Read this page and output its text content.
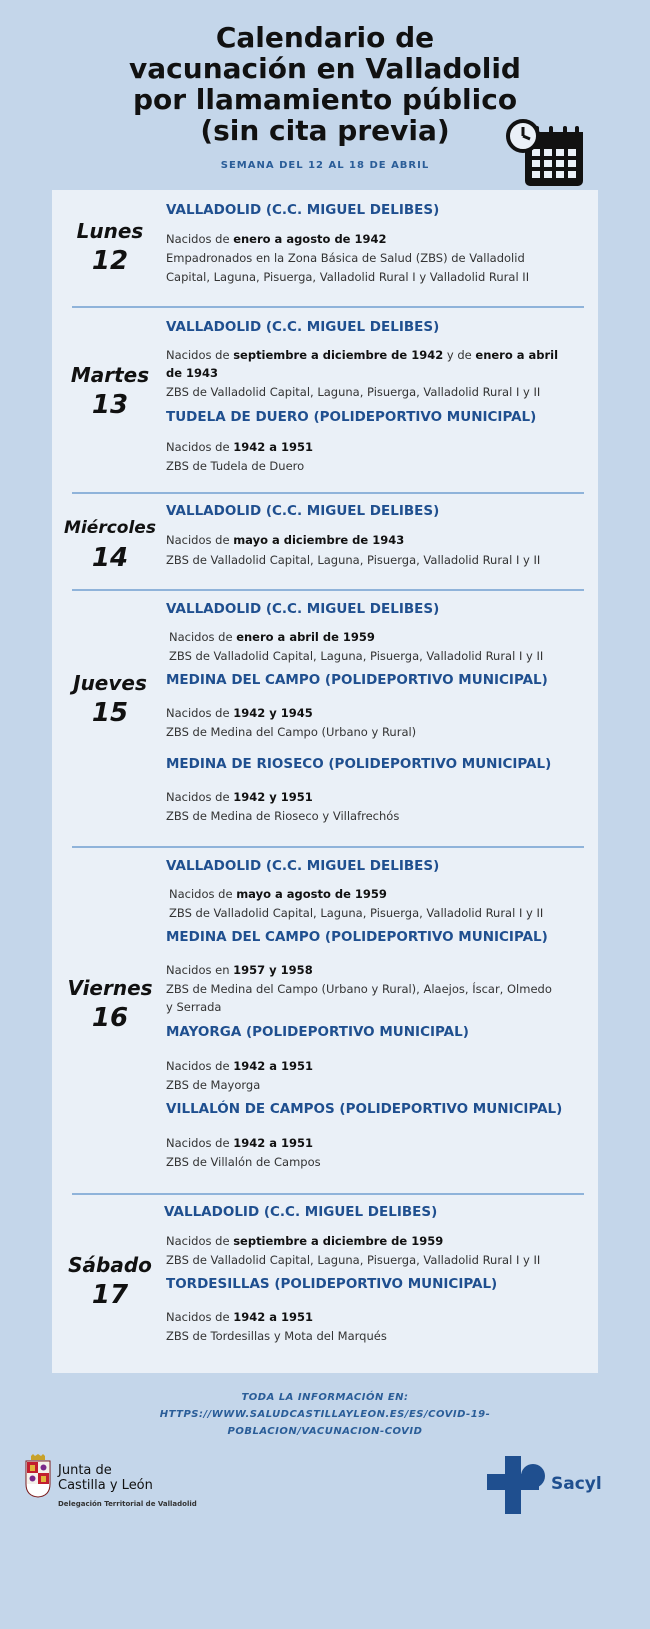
Calendario de
vacunación en Valladolid
por llamamiento público
(sin cita previa)
SEMANA DEL 12 AL 18 DE ABRIL
Lunes
12
VALLADOLID (C.C. MIGUEL DELIBES)
Nacidos de enero a agosto de 1942
Empadronados en la Zona Básica de Salud (ZBS) de Valladolid
Capital, Laguna, Pisuerga, Valladolid Rural I y Valladolid Rural II
Martes
13
VALLADOLID (C.C. MIGUEL DELIBES)
Nacidos de septiembre a diciembre de 1942 y de enero a abril
de 1943
ZBS de Valladolid Capital, Laguna, Pisuerga, Valladolid Rural I y II
TUDELA DE DUERO (POLIDEPORTIVO MUNICIPAL)
Nacidos de 1942 a 1951
ZBS de Tudela de Duero
Miércoles
14
VALLADOLID (C.C. MIGUEL DELIBES)
Nacidos de mayo a diciembre de 1943
ZBS de Valladolid Capital, Laguna, Pisuerga, Valladolid Rural I y II
Jueves
15
VALLADOLID (C.C. MIGUEL DELIBES)
Nacidos de enero a abril de 1959
ZBS de Valladolid Capital, Laguna, Pisuerga, Valladolid Rural I y II
MEDINA DEL CAMPO (POLIDEPORTIVO MUNICIPAL)
Nacidos de 1942 y 1945
ZBS de Medina del Campo (Urbano y Rural)
MEDINA DE RIOSECO (POLIDEPORTIVO MUNICIPAL)
Nacidos de 1942 y 1951
ZBS de Medina de Rioseco y Villafrechós
Viernes
16
VALLADOLID (C.C. MIGUEL DELIBES)
Nacidos de mayo a agosto de 1959
ZBS de Valladolid Capital, Laguna, Pisuerga, Valladolid Rural I y II
MEDINA DEL CAMPO (POLIDEPORTIVO MUNICIPAL)
Nacidos en 1957 y 1958
ZBS de Medina del Campo (Urbano y Rural), Alaejos, Íscar, Olmedo
y Serrada
MAYORGA (POLIDEPORTIVO MUNICIPAL)
Nacidos de 1942 a 1951
ZBS de Mayorga
VILLALÓN DE CAMPOS (POLIDEPORTIVO MUNICIPAL)
Nacidos de 1942 a 1951
ZBS de Villalón de Campos
Sábado
17
VALLADOLID (C.C. MIGUEL DELIBES)
Nacidos de septiembre a diciembre de 1959
ZBS de Valladolid Capital, Laguna, Pisuerga, Valladolid Rural I y II
TORDESILLAS (POLIDEPORTIVO MUNICIPAL)
Nacidos de 1942 a 1951
ZBS de Tordesillas y Mota del Marqués
TODA LA INFORMACIÓN EN:
HTTPS://WWW.SALUDCASTILLAYLEON.ES/ES/COVID-19-
POBLACION/VACUNACION-COVID
Junta de
Castilla y León
Delegación Territorial de Valladolid
Sacyl
